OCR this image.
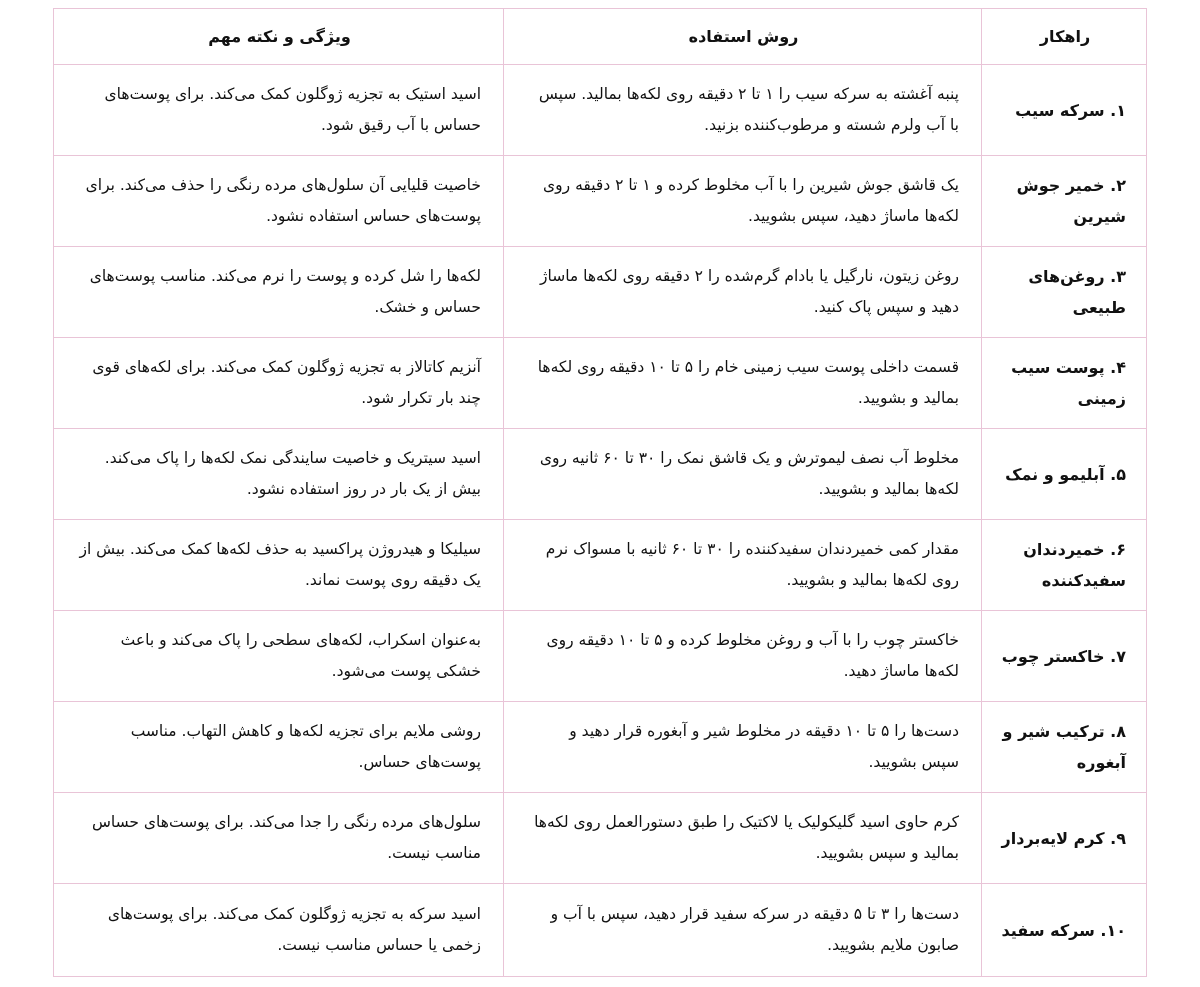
راهکار	روش استفاده	ویژگی و نکته مهم
۱. سرکه سیب	پنبه آغشته به سرکه سیب را ۱ تا ۲ دقیقه روی لکه‌ها بمالید. سپس با آب ولرم شسته و مرطوب‌کننده بزنید.	اسید استیک به تجزیه ژوگلون کمک می‌کند. برای پوست‌های حساس با آب رقیق شود.
۲. خمیر جوش شیرین	یک قاشق جوش شیرین را با آب مخلوط کرده و ۱ تا ۲ دقیقه روی لکه‌ها ماساژ دهید، سپس بشویید.	خاصیت قلیایی آن سلول‌های مرده رنگی را حذف می‌کند. برای پوست‌های حساس استفاده نشود.
۳. روغن‌های طبیعی	روغن زیتون، نارگیل یا بادام گرم‌شده را ۲ دقیقه روی لکه‌ها ماساژ دهید و سپس پاک کنید.	لکه‌ها را شل کرده و پوست را نرم می‌کند. مناسب پوست‌های حساس و خشک.
۴. پوست سیب زمینی	قسمت داخلی پوست سیب زمینی خام را ۵ تا ۱۰ دقیقه روی لکه‌ها بمالید و بشویید.	آنزیم کاتالاز به تجزیه ژوگلون کمک می‌کند. برای لکه‌های قوی چند بار تکرار شود.
۵. آبلیمو و نمک	مخلوط آب نصف لیموترش و یک قاشق نمک را ۳۰ تا ۶۰ ثانیه روی لکه‌ها بمالید و بشویید.	اسید سیتریک و خاصیت سایندگی نمک لکه‌ها را پاک می‌کند. بیش از یک بار در روز استفاده نشود.
۶. خمیردندان سفیدکننده	مقدار کمی خمیردندان سفیدکننده را ۳۰ تا ۶۰ ثانیه با مسواک نرم روی لکه‌ها بمالید و بشویید.	سیلیکا و هیدروژن پراکسید به حذف لکه‌ها کمک می‌کند. بیش از یک دقیقه روی پوست نماند.
۷. خاکستر چوب	خاکستر چوب را با آب و روغن مخلوط کرده و ۵ تا ۱۰ دقیقه روی لکه‌ها ماساژ دهید.	به‌عنوان اسکراب، لکه‌های سطحی را پاک می‌کند و باعث خشکی پوست می‌شود.
۸. ترکیب شیر و آبغوره	دست‌ها را ۵ تا ۱۰ دقیقه در مخلوط شیر و آبغوره قرار دهید و سپس بشویید.	روشی ملایم برای تجزیه لکه‌ها و کاهش التهاب. مناسب پوست‌های حساس.
۹. کرم لایه‌بردار	کرم حاوی اسید گلیکولیک یا لاکتیک را طبق دستورالعمل روی لکه‌ها بمالید و سپس بشویید.	سلول‌های مرده رنگی را جدا می‌کند. برای پوست‌های حساس مناسب نیست.
۱۰. سرکه سفید	دست‌ها را ۳ تا ۵ دقیقه در سرکه سفید قرار دهید، سپس با آب و صابون ملایم بشویید.	اسید سرکه به تجزیه ژوگلون کمک می‌کند. برای پوست‌های زخمی یا حساس مناسب نیست.
